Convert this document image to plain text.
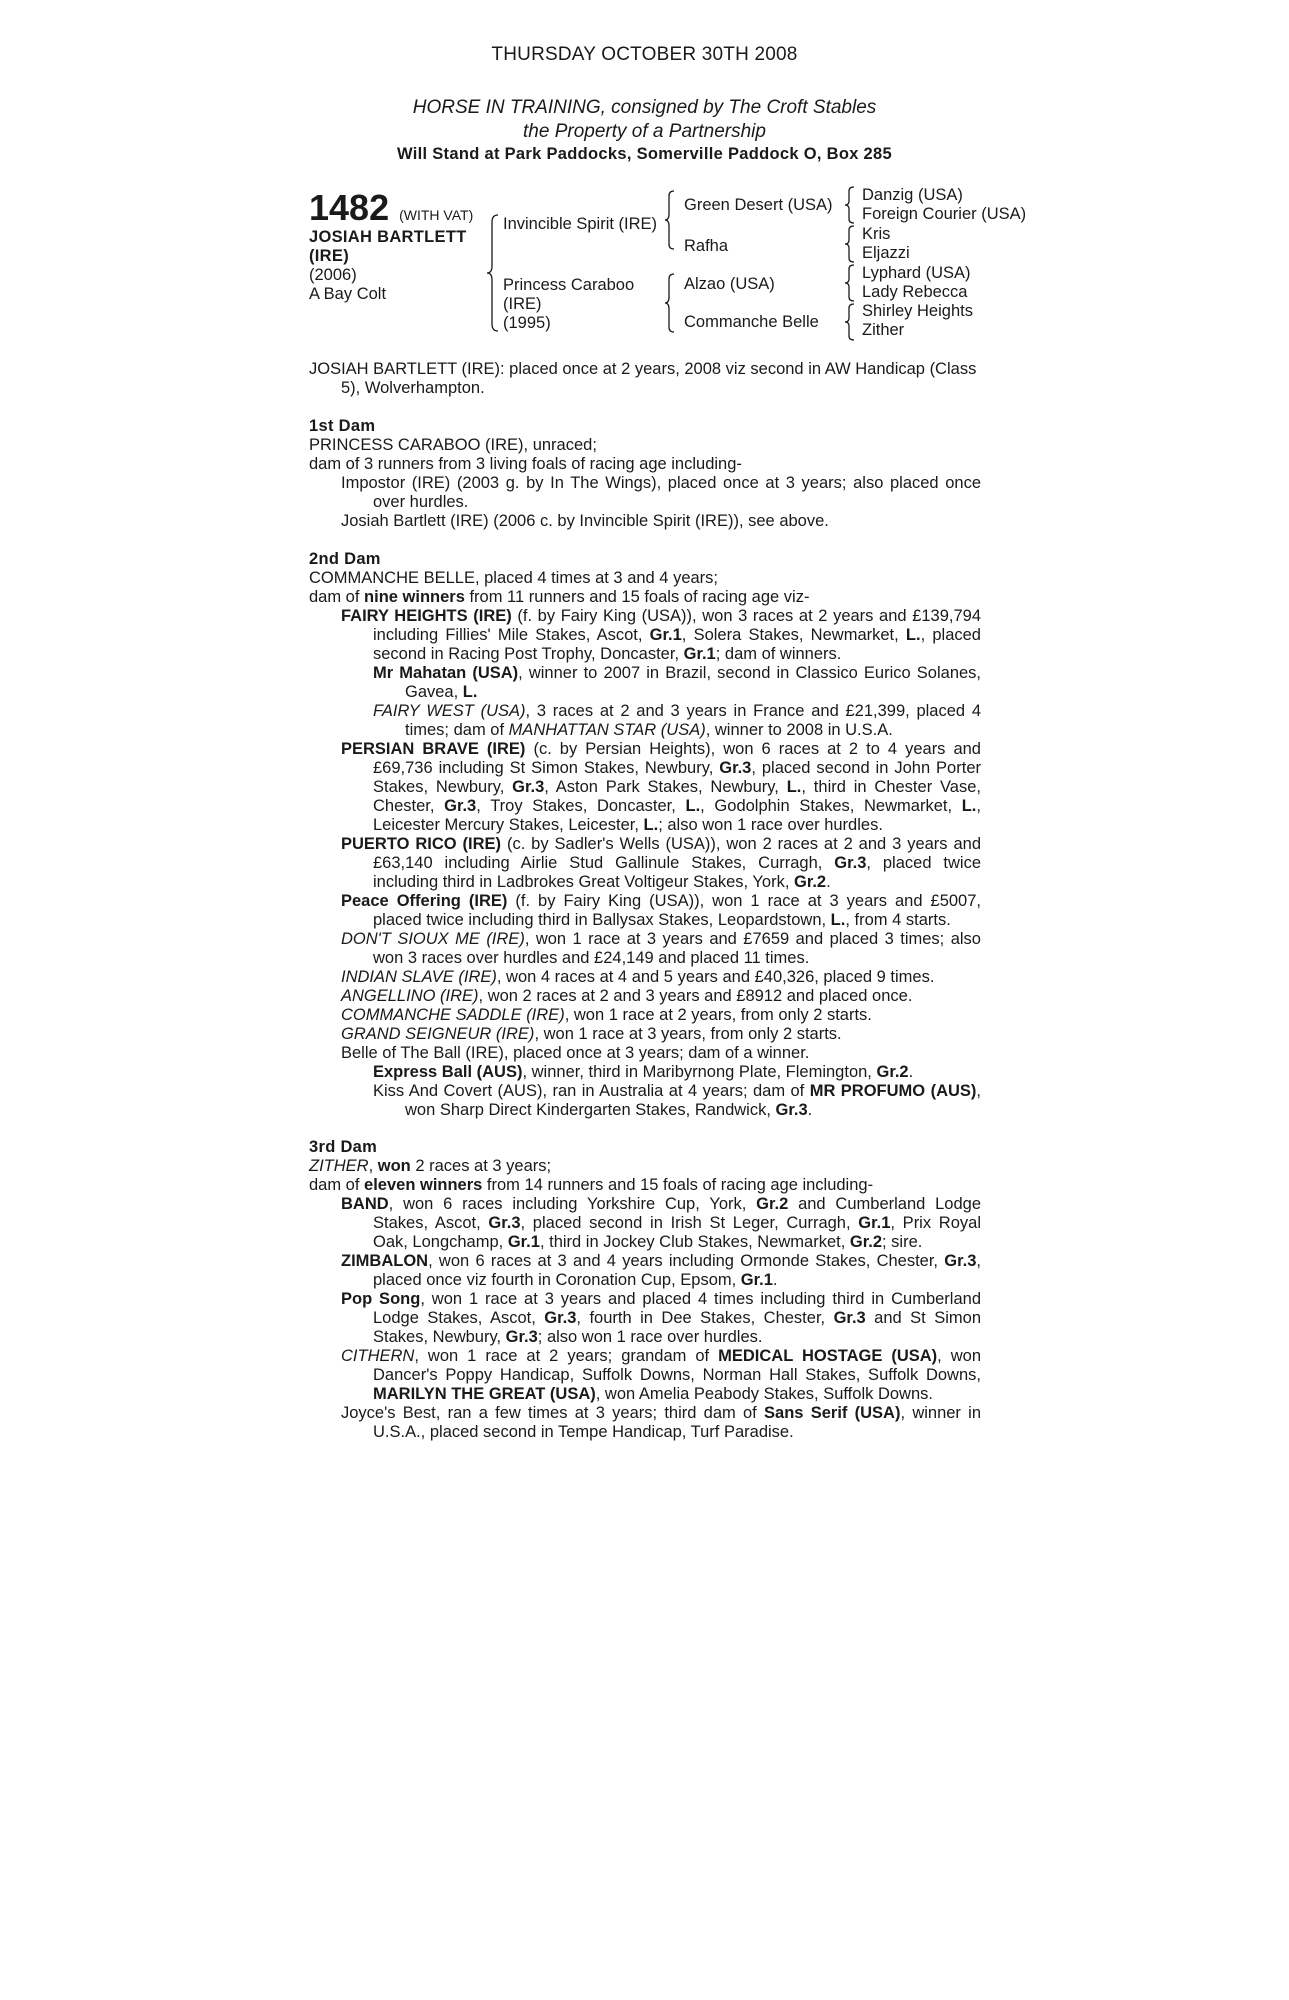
THURSDAY OCTOBER 30TH 2008
HORSE IN TRAINING, consigned by The Croft Stables
the Property of a Partnership
Will Stand at Park Paddocks, Somerville Paddock O, Box 285
1482 (WITH VAT)
JOSIAH BARTLETT
(IRE)
(2006)
A Bay Colt
Invincible Spirit (IRE)
Princess Caraboo
(IRE)
(1995)
Green Desert (USA)
Rafha
Alzao (USA)
Commanche Belle
Danzig (USA)
Foreign Courier (USA)
Kris
Eljazzi
Lyphard (USA)
Lady Rebecca
Shirley Heights
Zither
JOSIAH BARTLETT (IRE): placed once at 2 years, 2008 viz second in AW Handicap (Class
5), Wolverhampton.
1st Dam
PRINCESS CARABOO (IRE), unraced;
dam of 3 runners from 3 living foals of racing age including-
Impostor (IRE) (2003 g. by In The Wings), placed once at 3 years; also placed once over hurdles.
Josiah Bartlett (IRE) (2006 c. by Invincible Spirit (IRE)), see above.
2nd Dam
COMMANCHE BELLE, placed 4 times at 3 and 4 years;
dam of nine winners from 11 runners and 15 foals of racing age viz-
FAIRY HEIGHTS (IRE) (f. by Fairy King (USA)), won 3 races at 2 years and £139,794 including Fillies' Mile Stakes, Ascot, Gr.1, Solera Stakes, Newmarket, L., placed second in Racing Post Trophy, Doncaster, Gr.1; dam of winners.
Mr Mahatan (USA), winner to 2007 in Brazil, second in Classico Eurico Solanes, Gavea, L.
FAIRY WEST (USA), 3 races at 2 and 3 years in France and £21,399, placed 4 times; dam of MANHATTAN STAR (USA), winner to 2008 in U.S.A.
PERSIAN BRAVE (IRE) (c. by Persian Heights), won 6 races at 2 to 4 years and £69,736 including St Simon Stakes, Newbury, Gr.3, placed second in John Porter Stakes, Newbury, Gr.3, Aston Park Stakes, Newbury, L., third in Chester Vase, Chester, Gr.3, Troy Stakes, Doncaster, L., Godolphin Stakes, Newmarket, L., Leicester Mercury Stakes, Leicester, L.; also won 1 race over hurdles.
PUERTO RICO (IRE) (c. by Sadler's Wells (USA)), won 2 races at 2 and 3 years and £63,140 including Airlie Stud Gallinule Stakes, Curragh, Gr.3, placed twice including third in Ladbrokes Great Voltigeur Stakes, York, Gr.2.
Peace Offering (IRE) (f. by Fairy King (USA)), won 1 race at 3 years and £5007, placed twice including third in Ballysax Stakes, Leopardstown, L., from 4 starts.
DON'T SIOUX ME (IRE), won 1 race at 3 years and £7659 and placed 3 times; also won 3 races over hurdles and £24,149 and placed 11 times.
INDIAN SLAVE (IRE), won 4 races at 4 and 5 years and £40,326, placed 9 times.
ANGELLINO (IRE), won 2 races at 2 and 3 years and £8912 and placed once.
COMMANCHE SADDLE (IRE), won 1 race at 2 years, from only 2 starts.
GRAND SEIGNEUR (IRE), won 1 race at 3 years, from only 2 starts.
Belle of The Ball (IRE), placed once at 3 years; dam of a winner.
Express Ball (AUS), winner, third in Maribyrnong Plate, Flemington, Gr.2.
Kiss And Covert (AUS), ran in Australia at 4 years; dam of MR PROFUMO (AUS), won Sharp Direct Kindergarten Stakes, Randwick, Gr.3.
3rd Dam
ZITHER, won 2 races at 3 years;
dam of eleven winners from 14 runners and 15 foals of racing age including-
BAND, won 6 races including Yorkshire Cup, York, Gr.2 and Cumberland Lodge Stakes, Ascot, Gr.3, placed second in Irish St Leger, Curragh, Gr.1, Prix Royal Oak, Longchamp, Gr.1, third in Jockey Club Stakes, Newmarket, Gr.2; sire.
ZIMBALON, won 6 races at 3 and 4 years including Ormonde Stakes, Chester, Gr.3, placed once viz fourth in Coronation Cup, Epsom, Gr.1.
Pop Song, won 1 race at 3 years and placed 4 times including third in Cumberland Lodge Stakes, Ascot, Gr.3, fourth in Dee Stakes, Chester, Gr.3 and St Simon Stakes, Newbury, Gr.3; also won 1 race over hurdles.
CITHERN, won 1 race at 2 years; grandam of MEDICAL HOSTAGE (USA), won Dancer's Poppy Handicap, Suffolk Downs, Norman Hall Stakes, Suffolk Downs, MARILYN THE GREAT (USA), won Amelia Peabody Stakes, Suffolk Downs.
Joyce's Best, ran a few times at 3 years; third dam of Sans Serif (USA), winner in U.S.A., placed second in Tempe Handicap, Turf Paradise.
